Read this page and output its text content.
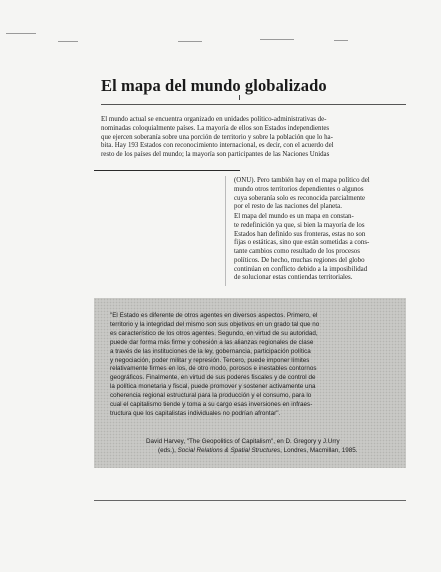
El mapa del mundo globalizado

El mundo actual se encuentra organizado en unidades político-administrativas de-
nominadas coloquialmente países. La mayoría de ellos son Estados independientes
que ejercen soberanía sobre una porción de territorio y sobre la población que lo ha-
bita. Hay 193 Estados con reconocimiento internacional, es decir, con el acuerdo del
resto de los países del mundo; la mayoría son participantes de las Naciones Unidas

(ONU). Pero también hay en el mapa político del
mundo otros territorios dependientes o algunos
cuya soberanía solo es reconocida parcialmente
por el resto de las naciones del planeta.

El mapa del mundo es un mapa en constan-
te redefinición ya que, si bien la mayoría de los
Estados han definido sus fronteras, estas no son
fijas o estáticas, sino que están sometidas a cons-
tante cambios como resultado de los procesos
políticos. De hecho, muchas regiones del globo
continúan en conflicto debido a la imposibilidad
de solucionar estas contiendas territoriales.

"El Estado es diferente de otros agentes en diversos aspectos. Primero, el
territorio y la integridad del mismo son sus objetivos en un grado tal que no
es característico de los otros agentes. Segundo, en virtud de su autoridad,
puede dar forma más firme y cohesión a las alianzas regionales de clase
a través de las instituciones de la ley, gobernancia, participación política
y negociación, poder militar y represión. Tercero, puede imponer límites
relativamente firmes en los, de otro modo, porosos e inestables contornos
geográficos. Finalmente, en virtud de sus poderes fiscales y de control de
la política monetaria y fiscal, puede promover y sostener activamente una
coherencia regional estructural para la producción y el consumo, para lo
cual el capitalismo tiende y toma a su cargo esas inversiones en infraes-
tructura que los capitalistas individuales no podrían afrontar".

David Harvey, "The Geopolitics of Capitalism", en D. Gregory y J.Urry

(eds.), Social Relations & Spatial Structures, Londres, Macmillan, 1985.
